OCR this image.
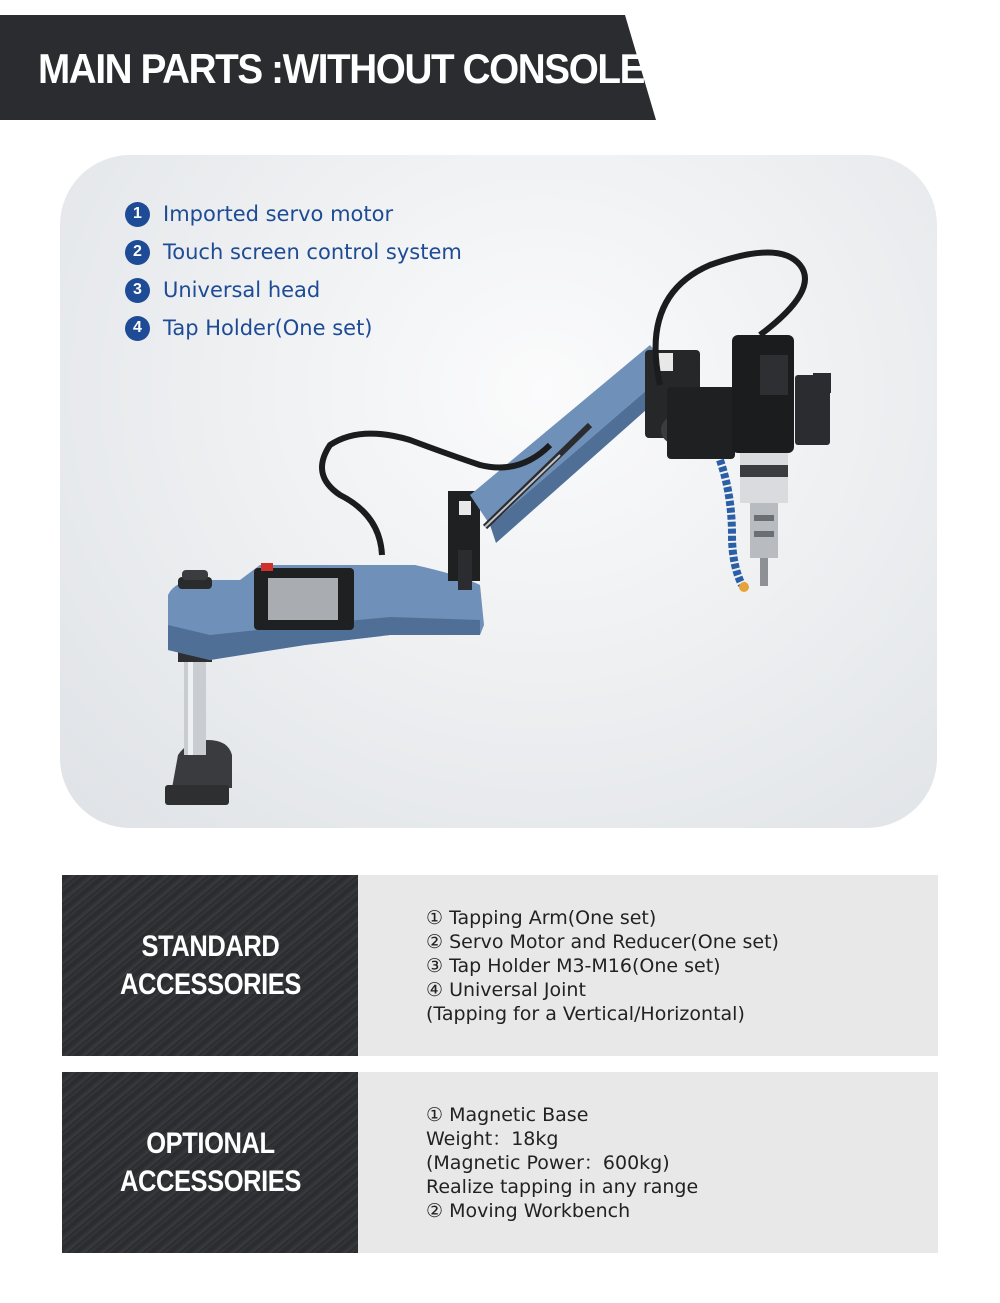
MAIN PARTS :WITHOUT CONSOLE
1	Imported servo motor
2	Touch screen control system
3	Universal head
4	Tap Holder(One set)
STANDARD
ACCESSORIES
① Tapping Arm(One set)
② Servo Motor and Reducer(One set)
③ Tap Holder M3-M16(One set)
④ Universal Joint
(Tapping for a Vertical/Horizontal)
OPTIONAL
ACCESSORIES
① Magnetic Base
Weight：18kg
(Magnetic Power：600kg)
Realize tapping in any range
② Moving Workbench
